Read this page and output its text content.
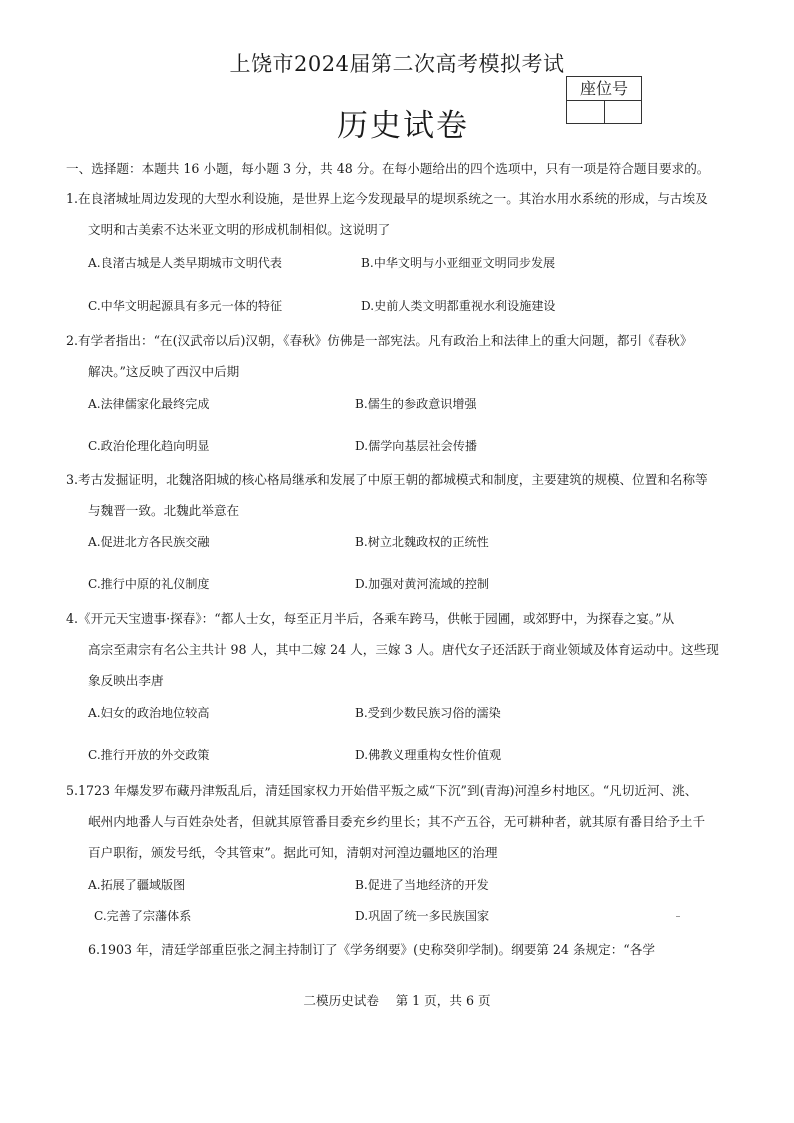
上饶市2024届第二次高考模拟考试
历史试卷
座位号
一、选择题：本题共 16 小题，每小题 3 分，共 48 分。在每小题给出的四个选项中，只有一项是符合题目要求的。
1.在良渚城址周边发现的大型水利设施，是世界上迄今发现最早的堤坝系统之一。其治水用水系统的形成，与古埃及
文明和古美索不达米亚文明的形成机制相似。这说明了
A.良渚古城是人类早期城市文明代表	B.中华文明与小亚细亚文明同步发展
C.中华文明起源具有多元一体的特征	D.史前人类文明都重视水利设施建设
2.有学者指出：“在(汉武帝以后)汉朝，《春秋》仿佛是一部宪法。凡有政治上和法律上的重大问题，都引《春秋》
解决。”这反映了西汉中后期
A.法律儒家化最终完成	B.儒生的参政意识增强
C.政治伦理化趋向明显	D.儒学向基层社会传播
3.考古发掘证明，北魏洛阳城的核心格局继承和发展了中原王朝的都城模式和制度，主要建筑的规模、位置和名称等
与魏晋一致。北魏此举意在
A.促进北方各民族交融	B.树立北魏政权的正统性
C.推行中原的礼仪制度	D.加强对黄河流域的控制
4.《开元天宝遗事·探春》：“都人士女，每至正月半后，各乘车跨马，供帐于园圃，或郊野中，为探春之宴。”从
高宗至肃宗有名公主共计 98 人，其中二嫁 24 人，三嫁 3 人。唐代女子还活跃于商业领域及体育运动中。这些现
象反映出李唐
A.妇女的政治地位较高	B.受到少数民族习俗的濡染
C.推行开放的外交政策	D.佛教义理重构女性价值观
5.1723 年爆发罗布藏丹津叛乱后，清廷国家权力开始借平叛之威“下沉”到(青海)河湟乡村地区。“凡切近河、洮、
岷州内地番人与百姓杂处者，但就其原管番目委充乡约里长；其不产五谷，无可耕种者，就其原有番目给予土千
百户职衔，颁发号纸，令其管束”。据此可知，清朝对河湟边疆地区的治理
A.拓展了疆域版图	B.促进了当地经济的开发
C.完善了宗藩体系	D.巩固了统一多民族国家
6.1903 年，清廷学部重臣张之洞主持制订了《学务纲要》(史称癸卯学制)。纲要第 24 条规定：“各学
二模历史试卷　 第 1 页，共 6 页
